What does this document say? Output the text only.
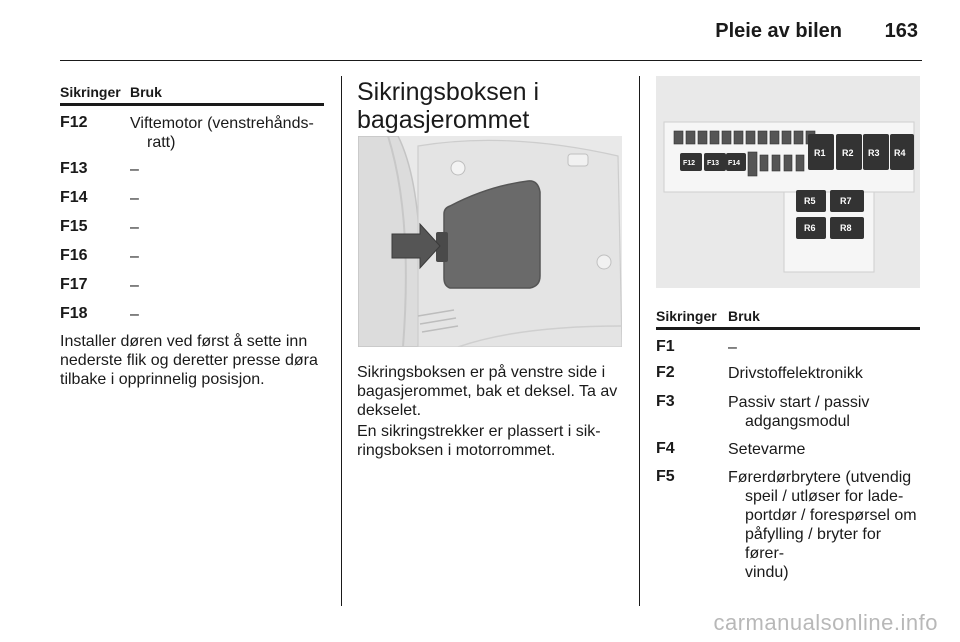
Pleie av bilen 163
Sikringer Bruk
F12	Viftemotor (venstrehånds-
ratt)
F13	–
F14	–
F15	–
F16	–
F17	–
F18	–
Installer døren ved først å sette inn
nederste flik og deretter presse døra
tilbake i opprinnelig posisjon.
Sikringsboksen i
bagasjerommet
Sikringsboksen er på venstre side i
bagasjerommet, bak et deksel. Ta av
dekselet.
En sikringstrekker er plassert i sik-
ringsboksen i motorrommet.
F12 F13 F14
R1 R2 R3 R4
R5	R7
R6	R8
Sikringer Bruk
F1	–
F2	Drivstoffelektronikk
F3	Passiv start / passiv
adgangsmodul
F4	Setevarme
F5	Førerdørbrytere (utvendig
speil / utløser for lade-
portdør / forespørsel om
påfylling / bryter for fører-
vindu)
carmanualsonline.info
